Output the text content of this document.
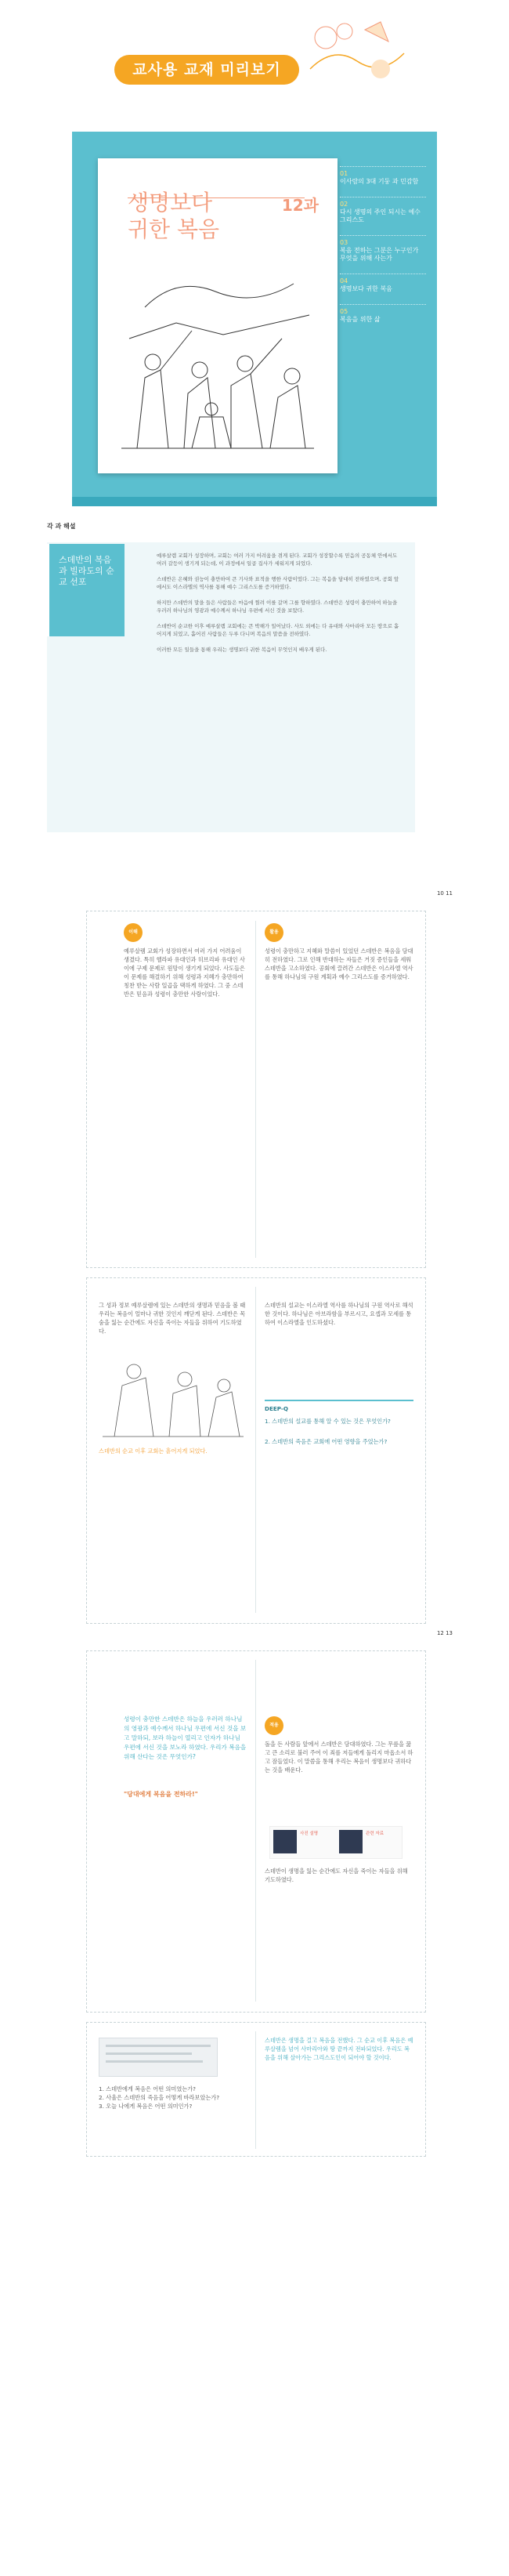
교사용 교재 미리보기
생명보다
귀한 복음
12과
01
이사람의 3대 기둥 과 민감함
02
다시 생명의 주인 되시는 예수 그리스도
03
복음 전하는 그분은 누구인가 무엇을 위해 사는가
04
생명보다 귀한 복음
05
복음을 위한 삶
각 과 해설
스데반의 복음과 빌라도의 순교 선포

예루살렘 교회가 성장하며, 교회는 여러 가지 어려움을 겪게 된다. 교회가 성장할수록 믿음의 공동체 안에서도 여러 갈등이 생기게 되는데, 이 과정에서 일곱 집사가 세워지게 되었다.

스데반은 은혜와 권능이 충만하여 큰 기사와 표적을 행한 사람이었다. 그는 복음을 담대히 전하였으며, 공회 앞에서도 이스라엘의 역사를 통해 예수 그리스도를 증거하였다.

하지만 스데반의 말을 들은 사람들은 마음에 찔려 이를 갈며 그를 향하였다. 스데반은 성령이 충만하여 하늘을 우러러 하나님의 영광과 예수께서 하나님 우편에 서신 것을 보았다.

스데반이 순교한 이후 예루살렘 교회에는 큰 박해가 일어났다. 사도 외에는 다 유대와 사마리아 모든 땅으로 흩어지게 되었고, 흩어진 사람들은 두루 다니며 복음의 말씀을 전하였다.

이러한 모든 일들을 통해 우리는 생명보다 귀한 복음이 무엇인지 배우게 된다.

10 11
이해
예루살렘 교회가 성장하면서 여러 가지 어려움이 생겼다. 특히 헬라파 유대인과 히브리파 유대인 사이에 구제 문제로 원망이 생기게 되었다. 사도들은 이 문제를 해결하기 위해 성령과 지혜가 충만하여 칭찬 받는 사람 일곱을 택하게 하였다. 그 중 스데반은 믿음과 성령이 충만한 사람이었다.
활용
성령이 충만하고 지혜와 말씀이 있었던 스데반은 복음을 담대히 전하였다. 그로 인해 반대하는 자들은 거짓 증인들을 세워 스데반을 고소하였다. 공회에 끌려간 스데반은 이스라엘 역사를 통해 하나님의 구원 계획과 예수 그리스도를 증거하였다.
그 성과 정보 예루살렘에 있는 스데반의 생명과 믿음을 볼 때 우리는 복음이 얼마나 귀한 것인지 깨닫게 된다. 스데반은 목숨을 잃는 순간에도 자신을 죽이는 자들을 위하여 기도하였다.
스데반의 순교 이후 교회는 흩어지게 되었다.
스데반의 설교는 이스라엘 역사를 하나님의 구원 역사로 해석한 것이다. 하나님은 아브라함을 부르시고, 요셉과 모세를 통하여 이스라엘을 인도하셨다.
DEEP-Q
1. 스데반의 설교를 통해 알 수 있는 것은 무엇인가?
2. 스데반의 죽음은 교회에 어떤 영향을 주었는가?
12 13
성령이 충만한 스데반은 하늘을 우러러 하나님의 영광과 예수께서 하나님 우편에 서신 것을 보고 말하되, 보라 하늘이 열리고 인자가 하나님 우편에 서신 것을 보노라 하였다. 우리가 복음을 위해 산다는 것은 무엇인가?
"당대에게 복음을 전하라!"
적용
돌을 든 사람들 앞에서 스데반은 담대하였다. 그는 무릎을 꿇고 큰 소리로 불러 주여 이 죄를 저들에게 돌리지 마옵소서 하고 잠들었다. 이 말씀을 통해 우리는 복음이 생명보다 귀하다는 것을 배운다.
사진 설명	관련 자료
스데반이 생명을 잃는 순간에도 자신을 죽이는 자들을 위해 기도하였다.
1. 스데반에게 복음은 어떤 의미였는가?
2. 사울은 스데반의 죽음을 어떻게 바라보았는가?
3. 오늘 나에게 복음은 어떤 의미인가?
스데반은 생명을 걸고 복음을 전했다. 그 순교 이후 복음은 예루살렘을 넘어 사마리아와 땅 끝까지 전파되었다. 우리도 복음을 위해 살아가는 그리스도인이 되어야 할 것이다.
